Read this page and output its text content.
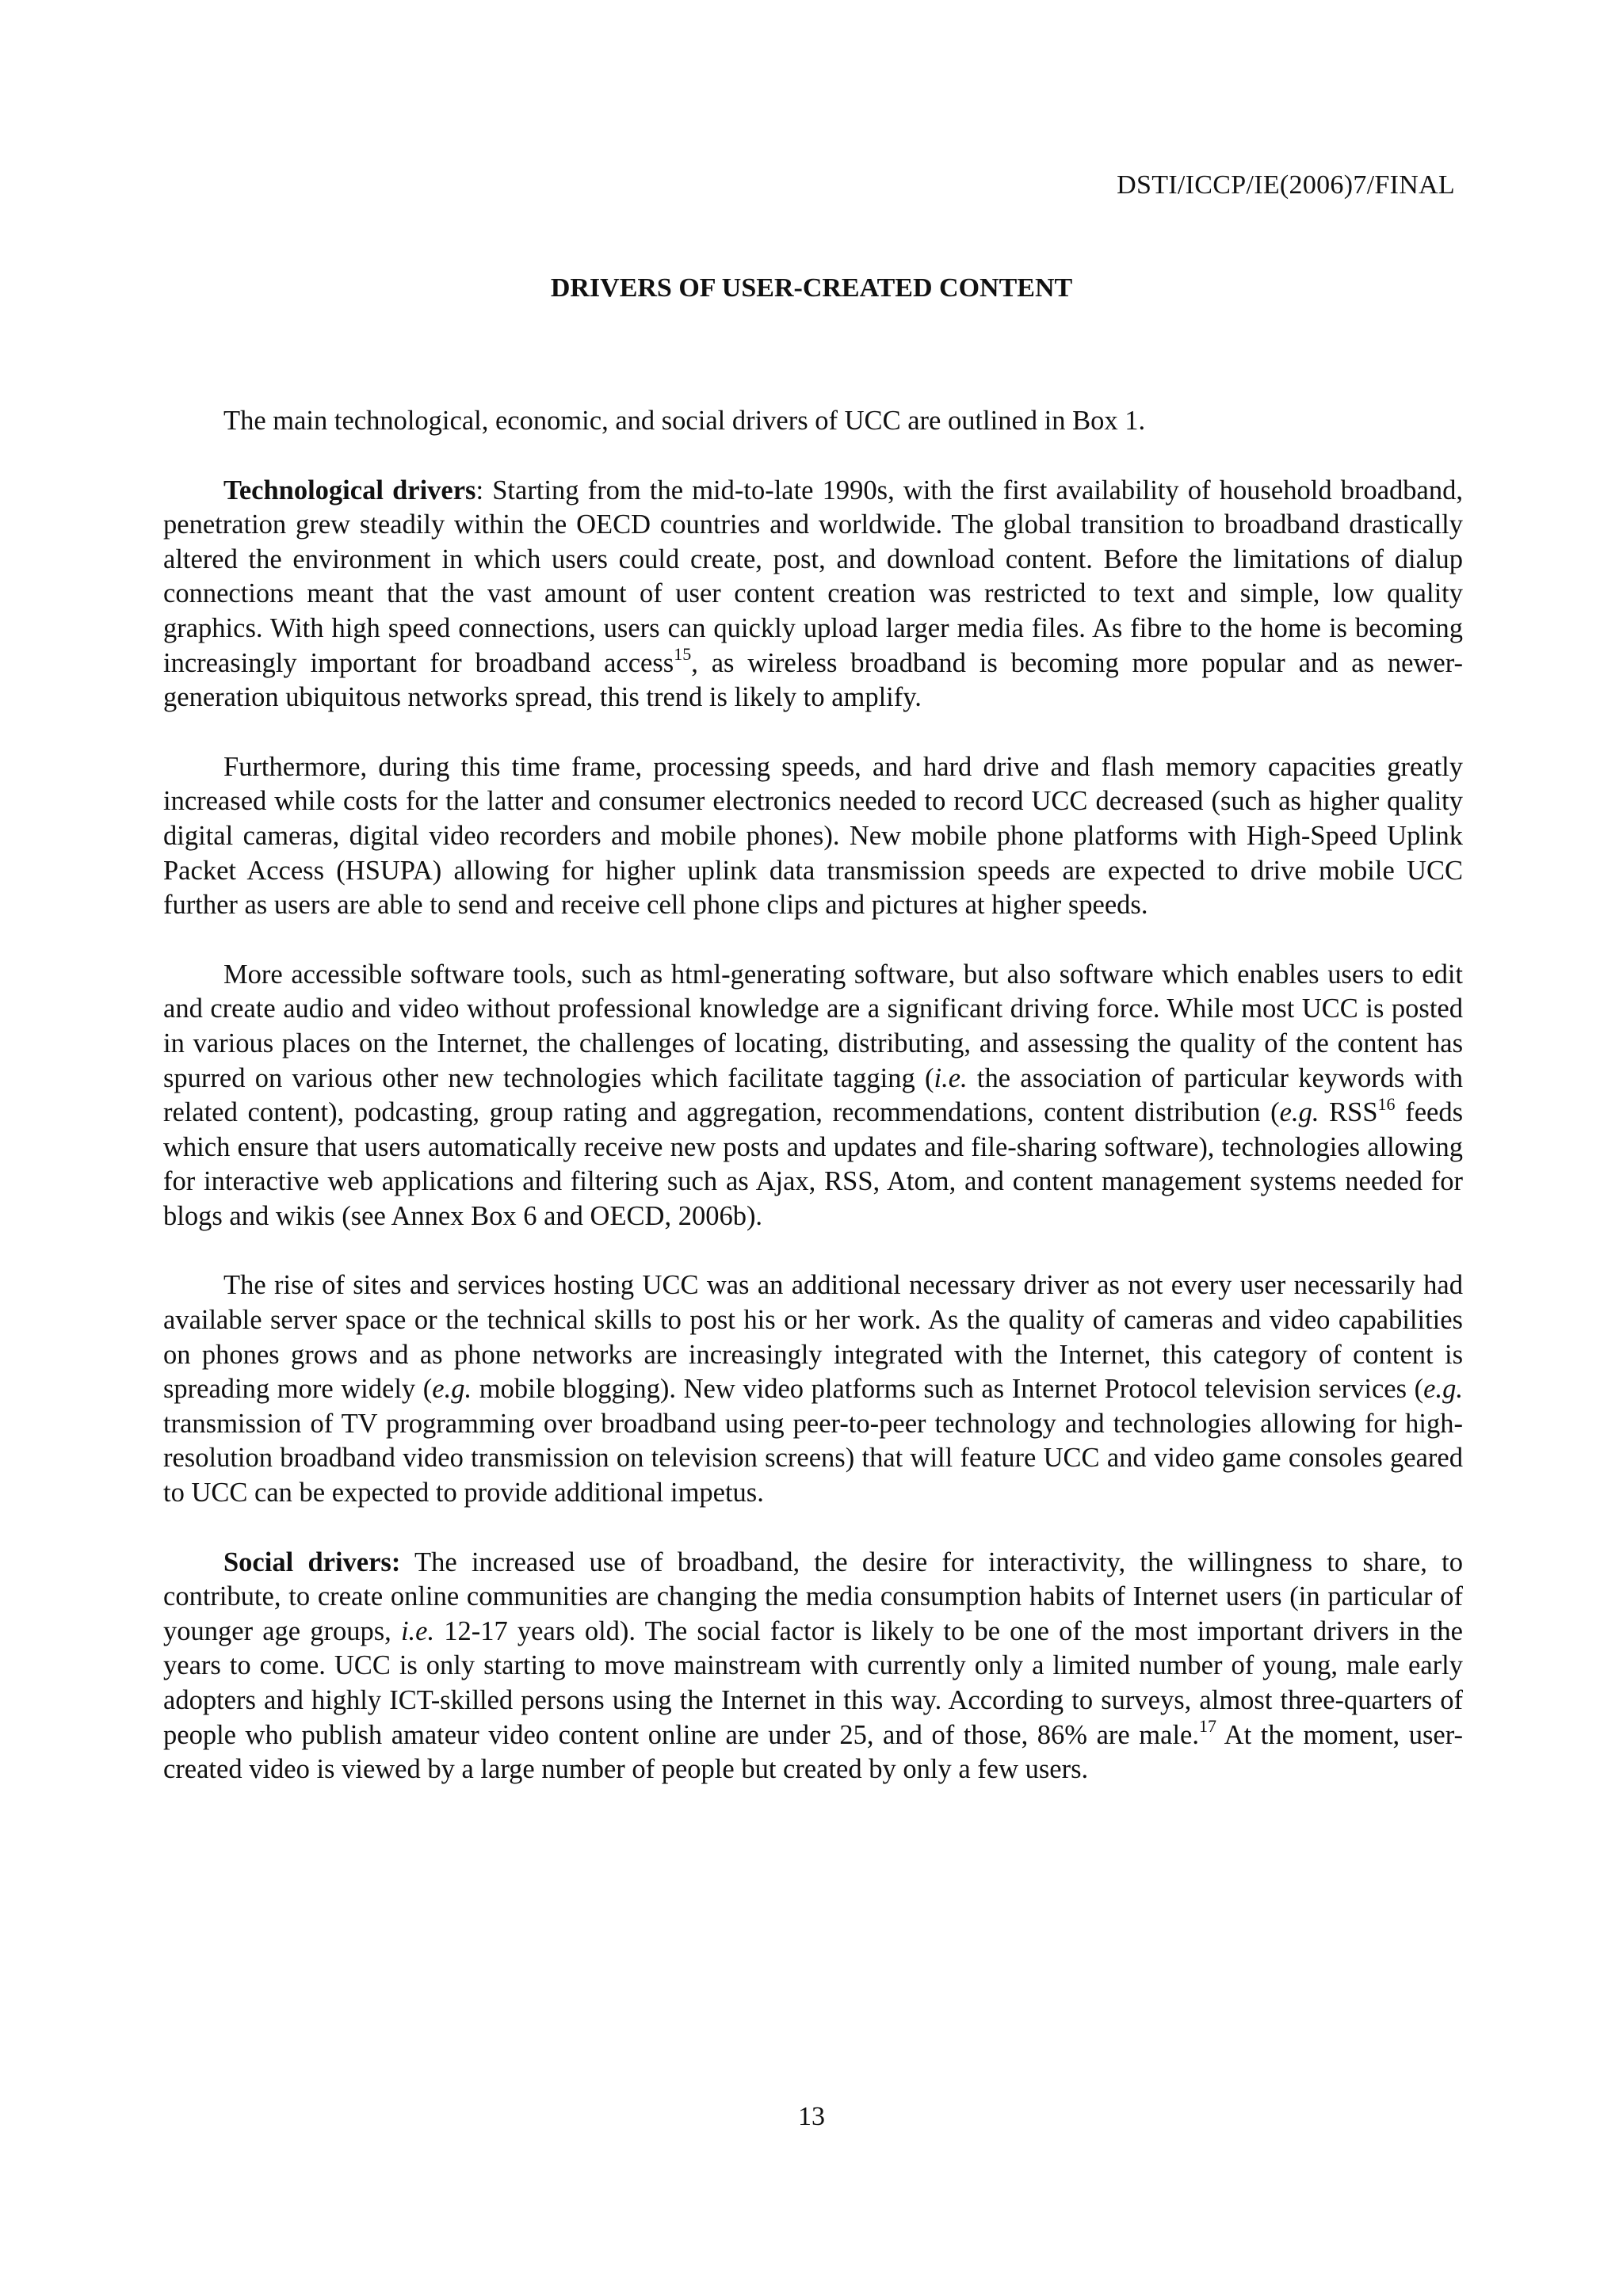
DSTI/ICCP/IE(2006)7/FINAL
DRIVERS OF USER-CREATED CONTENT

The main technological, economic, and social drivers of UCC are outlined in Box 1.

Technological drivers: Starting from the mid-to-late 1990s, with the first availability of household broadband, penetration grew steadily within the OECD countries and worldwide. The global transition to broadband drastically altered the environment in which users could create, post, and download content. Before the limitations of dialup connections meant that the vast amount of user content creation was restricted to text and simple, low quality graphics. With high speed connections, users can quickly upload larger media files. As fibre to the home is becoming increasingly important for broadband access$^{15}$, as wireless broadband is becoming more popular and as newer-generation ubiquitous networks spread, this trend is likely to amplify.

Furthermore, during this time frame, processing speeds, and hard drive and flash memory capacities greatly increased while costs for the latter and consumer electronics needed to record UCC decreased (such as higher quality digital cameras, digital video recorders and mobile phones). New mobile phone platforms with High-Speed Uplink Packet Access (HSUPA) allowing for higher uplink data transmission speeds are expected to drive mobile UCC further as users are able to send and receive cell phone clips and pictures at higher speeds.

More accessible software tools, such as html-generating software, but also software which enables users to edit and create audio and video without professional knowledge are a significant driving force. While most UCC is posted in various places on the Internet, the challenges of locating, distributing, and assessing the quality of the content has spurred on various other new technologies which facilitate tagging (i.e. the association of particular keywords with related content), podcasting, group rating and aggregation, recommendations, content distribution (e.g. RSS$^{16}$ feeds which ensure that users automatically receive new posts and updates and file-sharing software), technologies allowing for interactive web applications and filtering such as Ajax, RSS, Atom, and content management systems needed for blogs and wikis (see Annex Box 6 and OECD, 2006b).

The rise of sites and services hosting UCC was an additional necessary driver as not every user necessarily had available server space or the technical skills to post his or her work. As the quality of cameras and video capabilities on phones grows and as phone networks are increasingly integrated with the Internet, this category of content is spreading more widely (e.g. mobile blogging). New video platforms such as Internet Protocol television services (e.g. transmission of TV programming over broadband using peer-to-peer technology and technologies allowing for high-resolution broadband video transmission on television screens) that will feature UCC and video game consoles geared to UCC can be expected to provide additional impetus.

Social drivers: The increased use of broadband, the desire for interactivity, the willingness to share, to contribute, to create online communities are changing the media consumption habits of Internet users (in particular of younger age groups, i.e. 12-17 years old). The social factor is likely to be one of the most important drivers in the years to come. UCC is only starting to move mainstream with currently only a limited number of young, male early adopters and highly ICT-skilled persons using the Internet in this way. According to surveys, almost three-quarters of people who publish amateur video content online are under 25, and of those, 86% are male.$^{17}$ At the moment, user-created video is viewed by a large number of people but created by only a few users.

13
